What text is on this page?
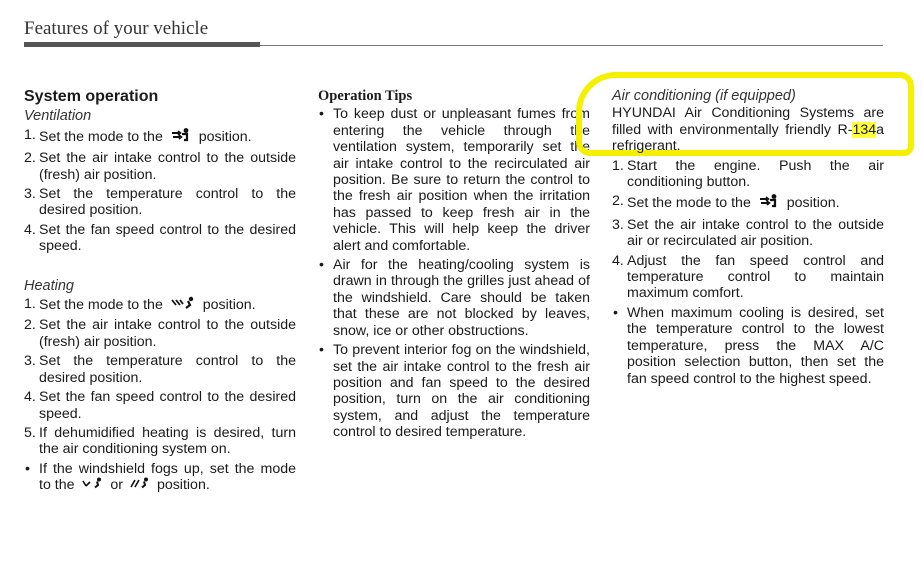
Features of your vehicle
System operation
Ventilation
1. Set the mode to the	position.
2. Set the air intake control to the outside (fresh) air position.
3. Set the temperature control to the desired position.
4. Set the fan speed control to the desired speed.
Heating
1. Set the mode to the	position.
2. Set the air intake control to the outside (fresh) air position.
3. Set the temperature control to the desired position.
4. Set the fan speed control to the desired speed.
5. If dehumidified heating is desired, turn the air conditioning system on.
• If the windshield fogs up, set the mode to the	or position.
Operation Tips
• To keep dust or unpleasant fumes from entering the vehicle through the ventilation system, temporarily set the air intake control to the recirculated air position. Be sure to return the control to the fresh air position when the irritation has passed to keep fresh air in the vehicle. This will help keep the driver alert and comfortable.
• Air for the heating/cooling system is drawn in through the grilles just ahead of the windshield. Care should be taken that these are not blocked by leaves, snow, ice or other obstructions.
• To prevent interior fog on the windshield, set the air intake control to the fresh air position and fan speed to the desired position, turn on the air conditioning system, and adjust the temperature control to desired temperature.
Air conditioning (if equipped)
HYUNDAI Air Conditioning Systems are filled with environmentally friendly R-134a refrigerant.
1. Start the engine. Push the air conditioning button.
2. Set the mode to the	position.
3. Set the air intake control to the outside air or recirculated air position.
4. Adjust the fan speed control and temperature control to maintain maximum comfort.
• When maximum cooling is desired, set the temperature control to the lowest temperature, press the MAX A/C position selection button, then set the fan speed control to the highest speed.
